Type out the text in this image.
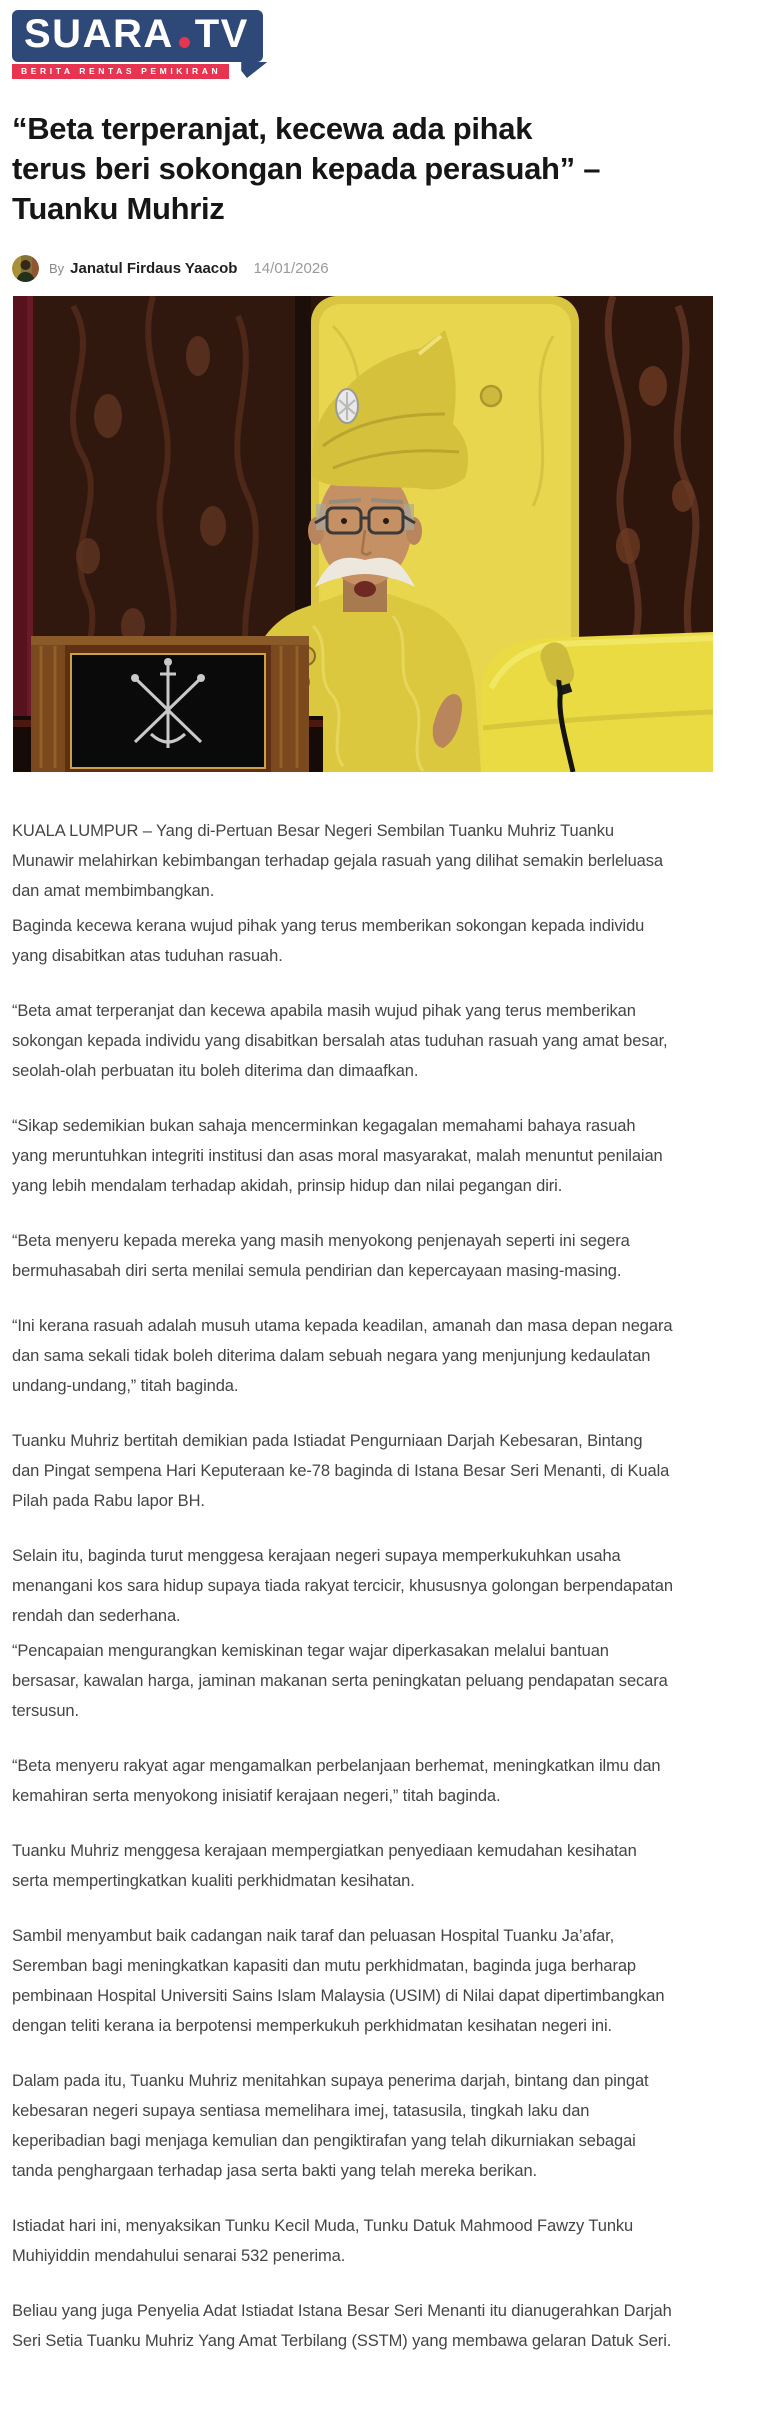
SUARA TV
BERITA RENTAS PEMIKIRAN
“Beta terperanjat, kecewa ada pihak terus beri sokongan kepada perasuah” – Tuanku Muhriz
By Janatul Firdaus Yaacob 14/01/2026

KUALA LUMPUR – Yang di-Pertuan Besar Negeri Sembilan Tuanku Muhriz Tuanku Munawir melahirkan kebimbangan terhadap gejala rasuah yang dilihat semakin berleluasa dan amat membimbangkan.

Baginda kecewa kerana wujud pihak yang terus memberikan sokongan kepada individu yang disabitkan atas tuduhan rasuah.

“Beta amat terperanjat dan kecewa apabila masih wujud pihak yang terus memberikan sokongan kepada individu yang disabitkan bersalah atas tuduhan rasuah yang amat besar, seolah-olah perbuatan itu boleh diterima dan dimaafkan.

“Sikap sedemikian bukan sahaja mencerminkan kegagalan memahami bahaya rasuah yang meruntuhkan integriti institusi dan asas moral masyarakat, malah menuntut penilaian yang lebih mendalam terhadap akidah, prinsip hidup dan nilai pegangan diri.

“Beta menyeru kepada mereka yang masih menyokong penjenayah seperti ini segera bermuhasabah diri serta menilai semula pendirian dan kepercayaan masing-masing.

“Ini kerana rasuah adalah musuh utama kepada keadilan, amanah dan masa depan negara dan sama sekali tidak boleh diterima dalam sebuah negara yang menjunjung kedaulatan undang-undang,” titah baginda.

Tuanku Muhriz bertitah demikian pada Istiadat Pengurniaan Darjah Kebesaran, Bintang dan Pingat sempena Hari Keputeraan ke-78 baginda di Istana Besar Seri Menanti, di Kuala Pilah pada Rabu lapor BH.

Selain itu, baginda turut menggesa kerajaan negeri supaya memperkukuhkan usaha menangani kos sara hidup supaya tiada rakyat tercicir, khususnya golongan berpendapatan rendah dan sederhana.

“Pencapaian mengurangkan kemiskinan tegar wajar diperkasakan melalui bantuan bersasar, kawalan harga, jaminan makanan serta peningkatan peluang pendapatan secara tersusun.

“Beta menyeru rakyat agar mengamalkan perbelanjaan berhemat, meningkatkan ilmu dan kemahiran serta menyokong inisiatif kerajaan negeri,” titah baginda.

Tuanku Muhriz menggesa kerajaan mempergiatkan penyediaan kemudahan kesihatan serta mempertingkatkan kualiti perkhidmatan kesihatan.

Sambil menyambut baik cadangan naik taraf dan peluasan Hospital Tuanku Ja’afar, Seremban bagi meningkatkan kapasiti dan mutu perkhidmatan, baginda juga berharap pembinaan Hospital Universiti Sains Islam Malaysia (USIM) di Nilai dapat dipertimbangkan dengan teliti kerana ia berpotensi memperkukuh perkhidmatan kesihatan negeri ini.

Dalam pada itu, Tuanku Muhriz menitahkan supaya penerima darjah, bintang dan pingat kebesaran negeri supaya sentiasa memelihara imej, tatasusila, tingkah laku dan keperibadian bagi menjaga kemulian dan pengiktirafan yang telah dikurniakan sebagai tanda penghargaan terhadap jasa serta bakti yang telah mereka berikan.

Istiadat hari ini, menyaksikan Tunku Kecil Muda, Tunku Datuk Mahmood Fawzy Tunku Muhiyiddin mendahului senarai 532 penerima.

Beliau yang juga Penyelia Adat Istiadat Istana Besar Seri Menanti itu dianugerahkan Darjah Seri Setia Tuanku Muhriz Yang Amat Terbilang (SSTM) yang membawa gelaran Datuk Seri.
